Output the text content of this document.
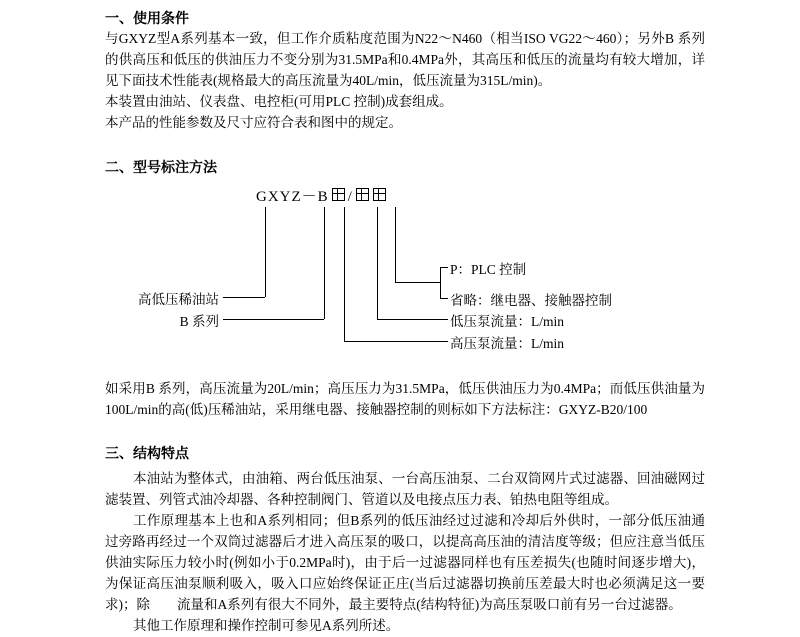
一、使用条件

与GXYZ型A系列基本一致，但工作介质粘度范围为N22～N460（相当ISO VG22～460）；另外B 系列的供高压和低压的供油压力不变分别为31.5MPa和0.4MPa外，其高压和低压的流量均有较大增加，详见下面技术性能表(规格最大的高压流量为40L/min，低压流量为315L/min)。

本装置由油站、仪表盘、电控柜(可用PLC 控制)成套组成。

本产品的性能参数及尺寸应符合表和图中的规定。

二、型号标注方法
GXYZ－B /
P：PLC 控制
省略：继电器、接触器控制
低压泵流量：L/min
高压泵流量：L/min
B 系列
高低压稀油站

如采用B 系列，高压流量为20L/min；高压压力为31.5MPa，低压供油压力为0.4MPa；而低压供油量为100L/min的高(低)压稀油站，采用继电器、接触器控制的则标如下方法标注：GXYZ-B20/100

三、结构特点

本油站为整体式，由油箱、两台低压油泵、一台高压油泵、二台双筒网片式过滤器、回油磁网过滤装置、列管式油冷却器、各种控制阀门、管道以及电接点压力表、铂热电阻等组成。

工作原理基本上也和A系列相同；但B系列的低压油经过过滤和冷却后外供时，一部分低压油通过旁路再经过一个双筒过滤器后才进入高压泵的吸口，以提高高压油的清洁度等级；但应注意当低压供油实际压力较小时(例如小于0.2MPa时)，由于后一过滤器同样也有压差损失(也随时间逐步增大)，为保证高压油泵顺利吸入，吸入口应始终保证正庄(当后过滤器切换前压差最大时也必须满足这一要求)；除　　流量和A系列有很大不同外，最主要特点(结构特征)为高压泵吸口前有另一台过滤器。

其他工作原理和操作控制可参见A系列所述。
